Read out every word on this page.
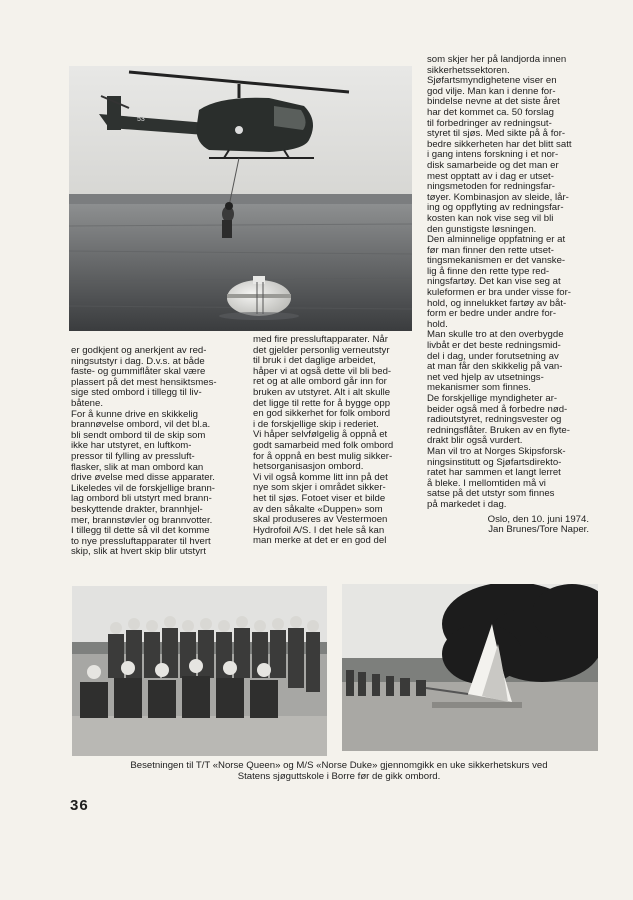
53

er godkjent og anerkjent av red-

ningsutstyr i dag. D.v.s. at både

faste- og gummiflåter skal være

plassert på det mest hensiktsmes-

sige sted ombord i tillegg til liv-

båtene.

For å kunne drive en skikkelig

brannøvelse ombord, vil det bl.a.

bli sendt ombord til de skip som

ikke har utstyret, en luftkom-

pressor til fylling av pressluft-

flasker, slik at man ombord kan

drive øvelse med disse apparater.

Likeledes vil de forskjellige brann-

lag ombord bli utstyrt med brann-

beskyttende drakter, brannhjel-

mer, brannstøvler og brannvotter.

I tillegg til dette så vil det komme

to nye pressluftapparater til hvert

skip, slik at hvert skip blir utstyrt

med fire pressluftapparater. Når

det gjelder personlig verneutstyr

til bruk i det daglige arbeidet,

håper vi at også dette vil bli bed-

ret og at alle ombord går inn for

bruken av utstyret. Alt i alt skulle

det ligge til rette for å bygge opp

en god sikkerhet for folk ombord

i de forskjellige skip i rederiet.

Vi håper selvfølgelig å oppnå et

godt samarbeid med folk ombord

for å oppnå en best mulig sikker-

hetsorganisasjon ombord.

Vi vil også komme litt inn på det

nye som skjer i området sikker-

het til sjøs. Fotoet viser et bilde

av den såkalte «Duppen» som

skal produseres av Vestermoen

Hydrofoil A/S. I det hele så kan

man merke at det er en god del

som skjer her på landjorda innen

sikkerhetssektoren.

Sjøfartsmyndighetene viser en

god vilje. Man kan i denne for-

bindelse nevne at det siste året

har det kommet ca. 50 forslag

til forbedringer av redningsut-

styret til sjøs. Med sikte på å for-

bedre sikkerheten har det blitt satt

i gang intens forskning i et nor-

disk samarbeide og det man er

mest opptatt av i dag er utset-

ningsmetoden for redningsfar-

tøyer. Kombinasjon av sleide, lår-

ing og oppflyting av redningsfar-

kosten kan nok vise seg vil bli

den gunstigste løsningen.

Den alminnelige oppfatning er at

før man finner den rette utset-

tingsmekanismen er det vanske-

lig å finne den rette type red-

ningsfartøy. Det kan vise seg at

kuleformen er bra under visse for-

hold, og innelukket fartøy av båt-

form er bedre under andre for-

hold.

Man skulle tro at den overbygde

livbåt er det beste redningsmid-

del i dag, under forutsetning av

at man får den skikkelig på van-

net ved hjelp av utsetnings-

mekanismer som finnes.

De forskjellige myndigheter ar-

beider også med å forbedre nød-

radioutstyret, redningsvester og

redningsflåter. Bruken av en flyte-

drakt blir også vurdert.

Man vil tro at Norges Skipsforsk-

ningsinstitutt og Sjøfartsdirekto-

ratet har sammen et langt lerret

å bleke. I mellomtiden må vi

satse på det utstyr som finnes

på markedet i dag.

Oslo, den 10. juni 1974.

Jan Brunes/Tore Naper.

Besetningen til T/T «Norse Queen» og M/S «Norse Duke» gjennomgikk en uke sikkerhetskurs ved
Statens sjøguttskole i Borre før de gikk ombord.
36
